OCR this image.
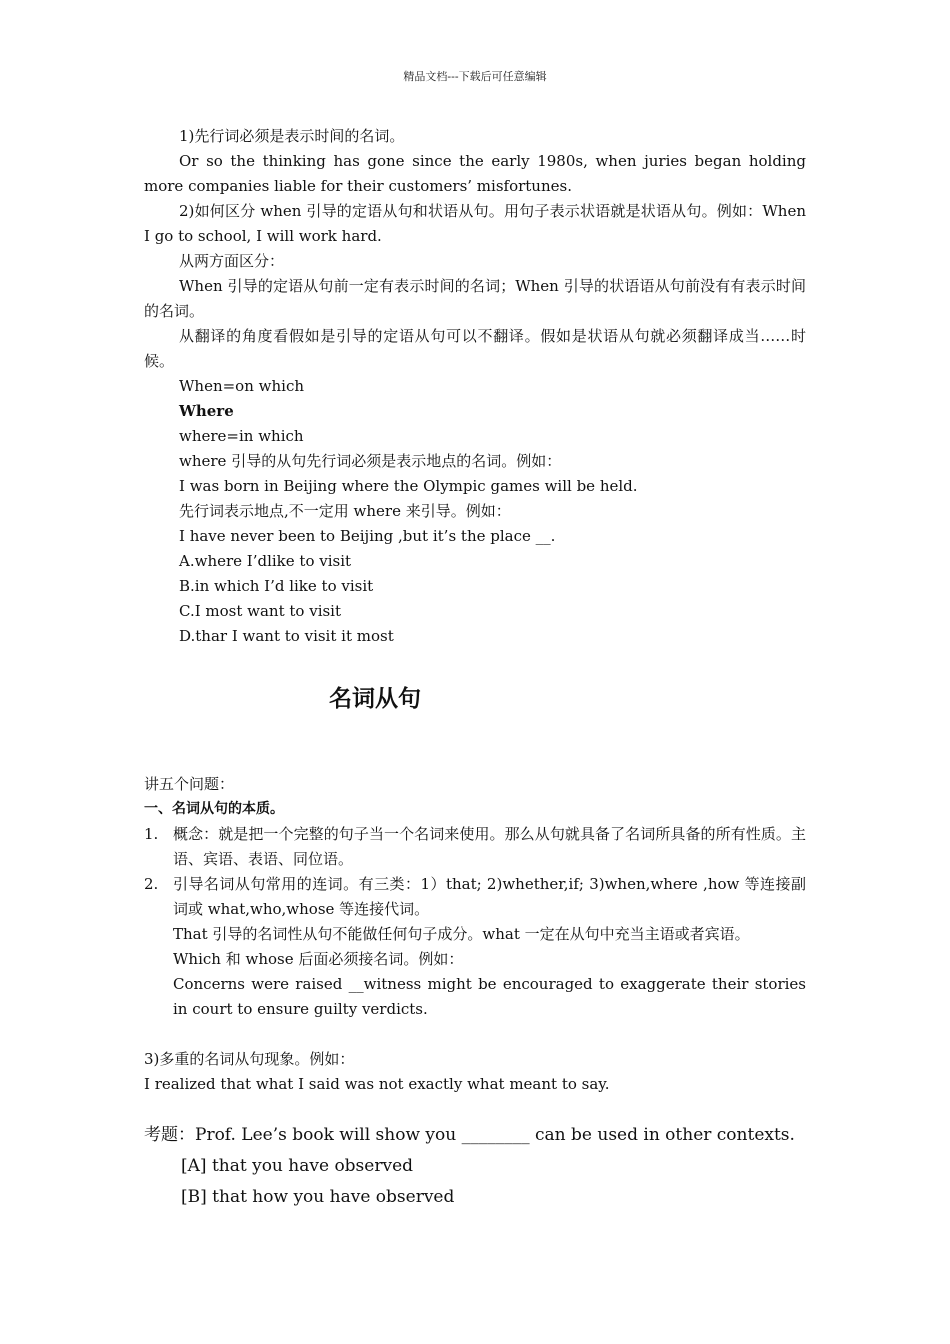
精品文档---下载后可任意编辑

1)先行词必须是表示时间的名词。

Or so the thinking has gone since the early 1980s, when juries began holding more companies liable for their customers’ misfortunes.

2)如何区分 when 引导的定语从句和状语从句。用句子表示状语就是状语从句。例如：When I go to school, I will work hard.

从两方面区分：

When 引导的定语从句前一定有表示时间的名词；When 引导的状语语从句前没有有表示时间的名词。

从翻译的角度看假如是引导的定语从句可以不翻译。假如是状语从句就必须翻译成当……时候。

When=on which

Where

where=in which

where 引导的从句先行词必须是表示地点的名词。例如：

I was born in Beijing where the Olympic games will be held.

先行词表示地点,不一定用 where 来引导。例如：

I have never been to Beijing ,but it’s the place __.

A.where I’dlike to visit

B.in which I’d like to visit

C.I most want to visit

D.thar I want to visit it most

名词从句

讲五个问题：

一、名词从句的本质。

1. 概念：就是把一个完整的句子当一个名词来使用。那么从句就具备了名词所具备的所有性质。主语、宾语、表语、同位语。
2. 引导名词从句常用的连词。有三类：1）that; 2)whether,if; 3)when,where ,how 等连接副词或 what,who,whose 等连接代词。

That 引导的名词性从句不能做任何句子成分。what 一定在从句中充当主语或者宾语。

Which 和 whose 后面必须接名词。例如：

Concerns were raised __witness might be encouraged to exaggerate their stories in court to ensure guilty verdicts.

3)多重的名词从句现象。例如：

I realized that what I said was not exactly what meant to say.

考题：Prof. Lee’s book will show you ________ can be used in other contexts.

[A] that you have observed

[B] that how you have observed
